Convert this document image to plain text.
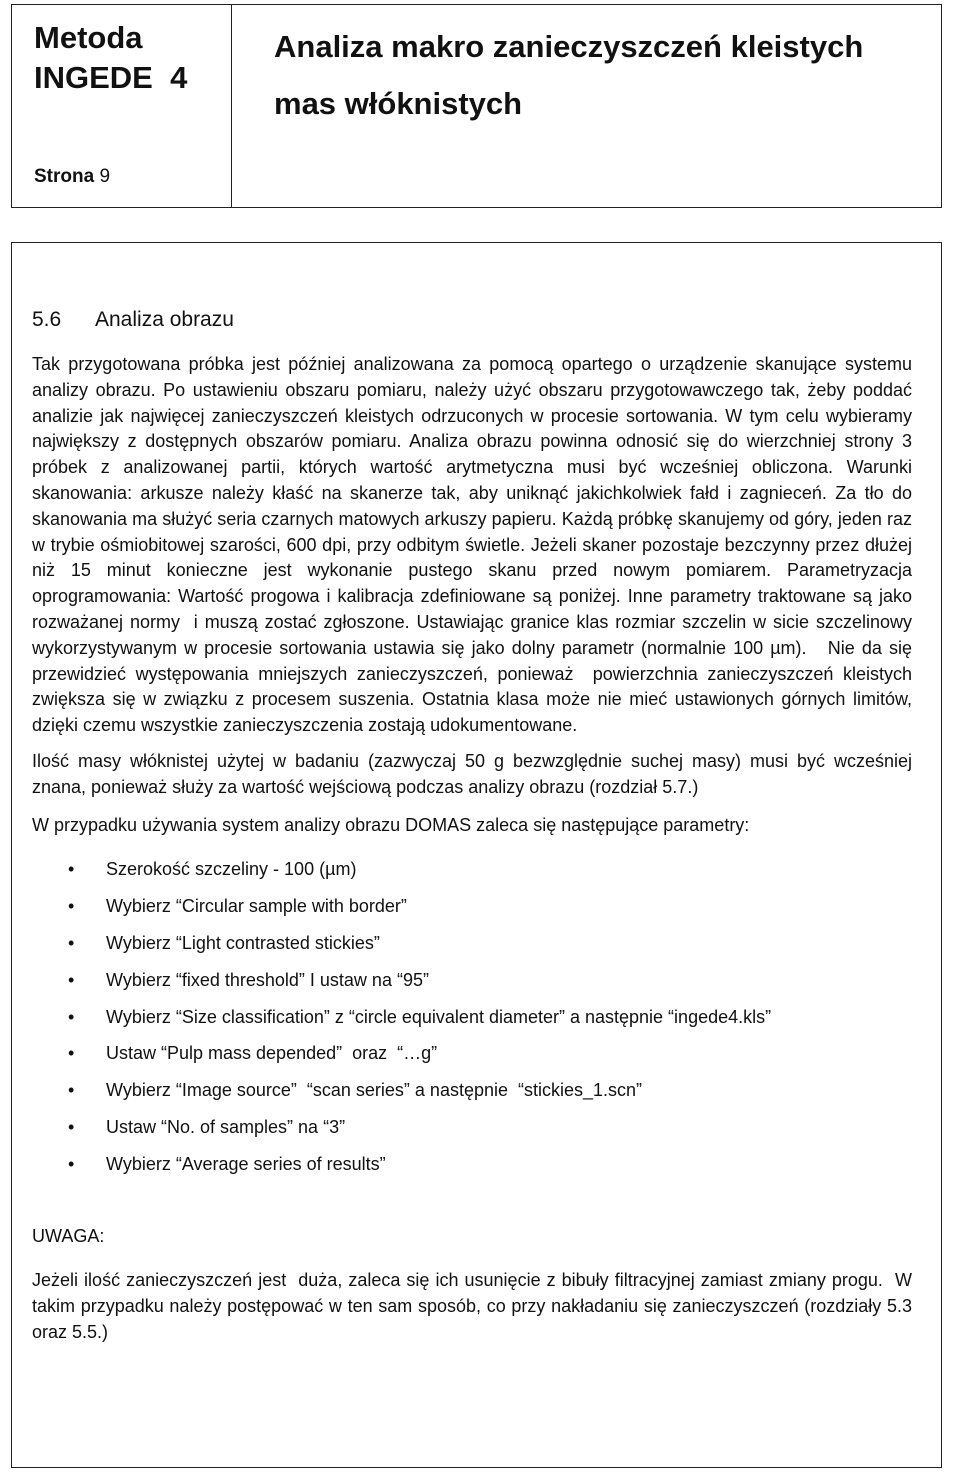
Metoda
INGEDE  4
Strona 9
Analiza makro zanieczyszczeń kleistych
mas włóknistych
5.6 Analiza obrazu

Tak przygotowana próbka jest później analizowana za pomocą opartego o urządzenie skanujące systemu analizy obrazu. Po ustawieniu obszaru pomiaru, należy użyć obszaru przygotowawczego tak, żeby poddać analizie jak najwięcej zanieczyszczeń kleistych odrzuconych w procesie sortowania. W tym celu wybieramy największy z dostępnych obszarów pomiaru. Analiza obrazu powinna odnosić się do wierzchniej strony 3 próbek z analizowanej partii, których wartość arytmetyczna musi być wcześniej obliczona. Warunki skanowania: arkusze należy kłaść na skanerze tak, aby uniknąć jakichkolwiek fałd i zagnieceń. Za tło do skanowania ma służyć seria czarnych matowych arkuszy papieru. Każdą próbkę skanujemy od góry, jeden raz w trybie ośmiobitowej szarości, 600 dpi, przy odbitym świetle. Jeżeli skaner pozostaje bezczynny przez dłużej niż 15 minut konieczne jest wykonanie pustego skanu przed nowym pomiarem. Parametryzacja oprogramowania: Wartość progowa i kalibracja zdefiniowane są poniżej. Inne parametry traktowane są jako rozważanej normy  i muszą zostać zgłoszone. Ustawiając granice klas rozmiar szczelin w sicie szczelinowy  wykorzystywanym w procesie sortowania ustawia się jako dolny parametr (normalnie 100 µm).   Nie da się przewidzieć występowania mniejszych zanieczyszczeń, ponieważ  powierzchnia zanieczyszczeń kleistych zwiększa się w związku z procesem suszenia. Ostatnia klasa może nie mieć ustawionych górnych limitów, dzięki czemu wszystkie zanieczyszczenia zostają udokumentowane.

Ilość masy włóknistej użytej w badaniu (zazwyczaj 50 g bezwzględnie suchej masy) musi być wcześniej znana, ponieważ służy za wartość wejściową podczas analizy obrazu (rozdział 5.7.)

W przypadku używania system analizy obrazu DOMAS zaleca się następujące parametry:

• Szerokość szczeliny - 100 (µm)
• Wybierz “Circular sample with border”
• Wybierz “Light contrasted stickies”
• Wybierz “fixed threshold” I ustaw na “95”
• Wybierz “Size classification” z “circle equivalent diameter” a następnie “ingede4.kls”
• Ustaw “Pulp mass depended”  oraz  “…g”
• Wybierz “Image source”  “scan series” a następnie  “stickies_1.scn”
• Ustaw “No. of samples” na “3”
• Wybierz “Average series of results”

UWAGA:

Jeżeli ilość zanieczyszczeń jest  duża, zaleca się ich usunięcie z bibuły filtracyjnej zamiast zmiany progu.  W takim przypadku należy postępować w ten sam sposób, co przy nakładaniu się zanieczyszczeń (rozdziały 5.3 oraz 5.5.)
